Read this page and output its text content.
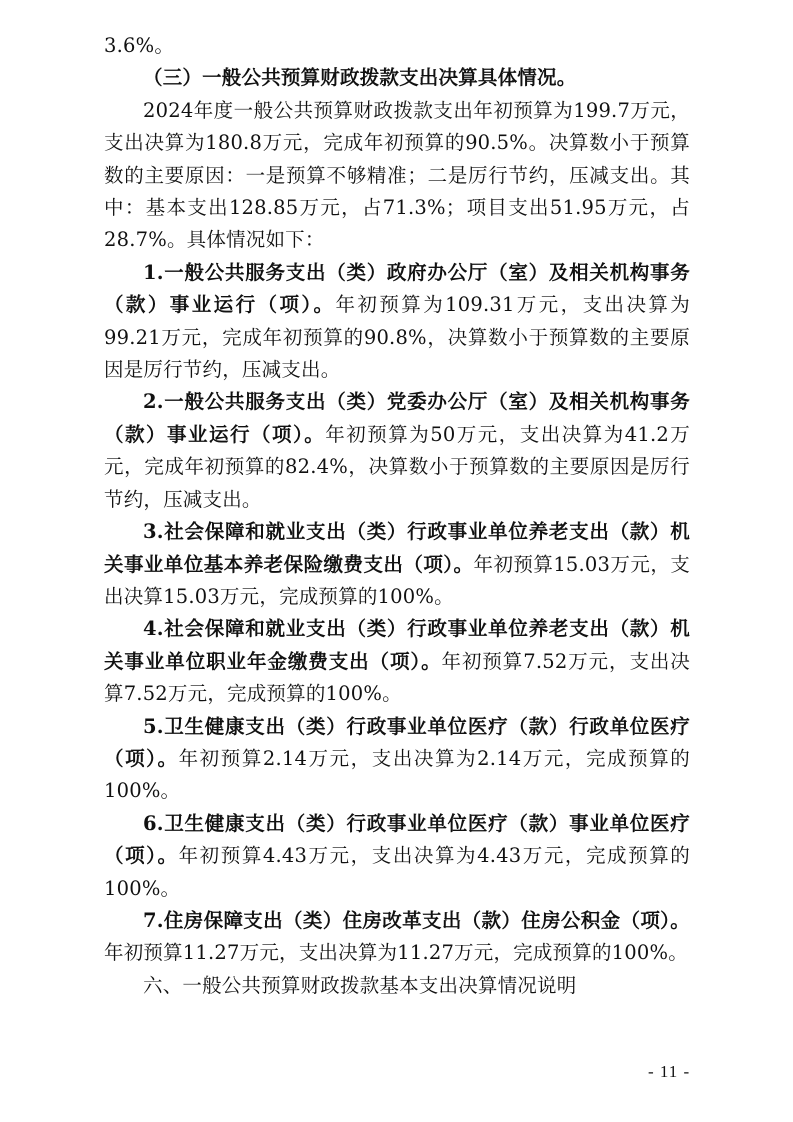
3.6%。

（三）一般公共预算财政拨款支出决算具体情况。

2024年度一般公共预算财政拨款支出年初预算为199.7万元，支出决算为180.8万元，完成年初预算的90.5%。决算数小于预算数的主要原因：一是预算不够精准；二是厉行节约，压减支出。其中：基本支出128.85万元，占71.3%；项目支出51.95万元，占28.7%。具体情况如下：

1.一般公共服务支出（类）政府办公厅（室）及相关机构事务（款）事业运行（项）。年初预算为109.31万元，支出决算为99.21万元，完成年初预算的90.8%，决算数小于预算数的主要原因是厉行节约，压减支出。

2.一般公共服务支出（类）党委办公厅（室）及相关机构事务（款）事业运行（项）。年初预算为50万元，支出决算为41.2万元，完成年初预算的82.4%，决算数小于预算数的主要原因是厉行节约，压减支出。

3.社会保障和就业支出（类）行政事业单位养老支出（款）机关事业单位基本养老保险缴费支出（项）。年初预算15.03万元，支出决算15.03万元，完成预算的100%。

4.社会保障和就业支出（类）行政事业单位养老支出（款）机关事业单位职业年金缴费支出（项）。年初预算7.52万元，支出决算7.52万元，完成预算的100%。

5.卫生健康支出（类）行政事业单位医疗（款）行政单位医疗（项）。年初预算2.14万元，支出决算为2.14万元，完成预算的100%。

6.卫生健康支出（类）行政事业单位医疗（款）事业单位医疗（项）。年初预算4.43万元，支出决算为4.43万元，完成预算的100%。

7.住房保障支出（类）住房改革支出（款）住房公积金（项）。年初预算11.27万元，支出决算为11.27万元，完成预算的100%。

六、一般公共预算财政拨款基本支出决算情况说明

- 11 -
